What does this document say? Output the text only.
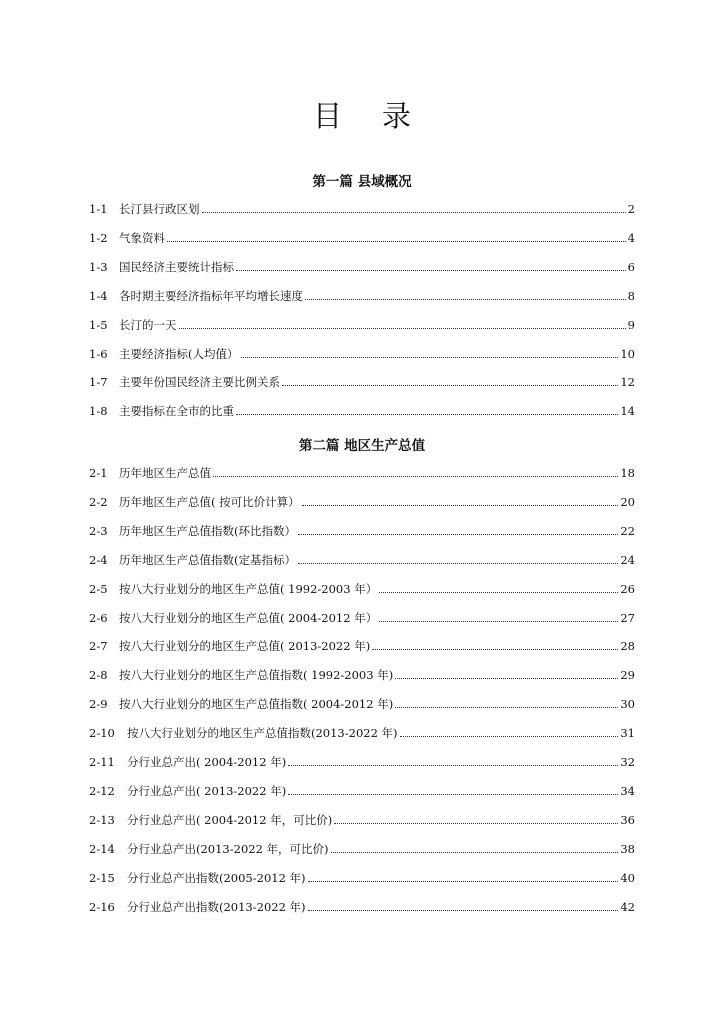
目 录
第一篇 县域概况
1-1 长汀县行政区划	2
1-2 气象资料	4
1-3 国民经济主要统计指标	6
1-4 各时期主要经济指标年平均增长速度	8
1-5 长汀的一天	9
1-6 主要经济指标(人均值）	10
1-7 主要年份国民经济主要比例关系	12
1-8 主要指标在全市的比重	14
第二篇 地区生产总值
2-1 历年地区生产总值	18
2-2 历年地区生产总值( 按可比价计算）	20
2-3 历年地区生产总值指数(环比指数）	22
2-4 历年地区生产总值指数(定基指标）	24
2-5 按八大行业划分的地区生产总值( 1992-2003 年）	26
2-6 按八大行业划分的地区生产总值( 2004-2012 年）	27
2-7 按八大行业划分的地区生产总值( 2013-2022 年)	28
2-8 按八大行业划分的地区生产总值指数( 1992-2003 年)	29
2-9 按八大行业划分的地区生产总值指数( 2004-2012 年)	30
2-10	按八大行业划分的地区生产总值指数(2013-2022 年)	31
2-11	分行业总产出( 2004-2012 年)	32
2-12	分行业总产出( 2013-2022 年)	34
2-13	分行业总产出( 2004-2012 年，可比价)	36
2-14	分行业总产出(2013-2022 年，可比价)	38
2-15	分行业总产出指数(2005-2012 年)	40
2-16	分行业总产出指数(2013-2022 年)	42
